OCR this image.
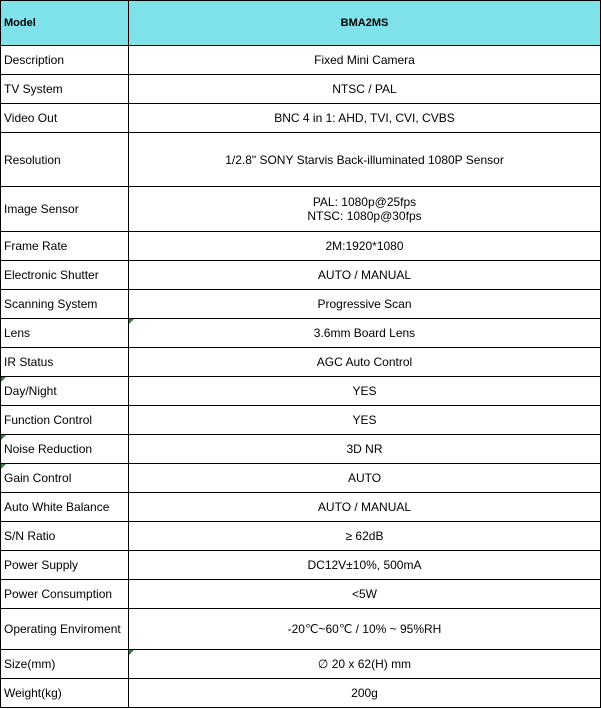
Model	BMA2MS
Description	Fixed Mini Camera

TV System	NTSC / PAL

Video Out	BNC 4 in 1: AHD, TVI, CVI, CVBS

Resolution	1/2.8" SONY Starvis Back-illuminated 1080P Sensor

Image Sensor	PAL: 1080p@25fps
NTSC: 1080p@30fps

Frame Rate	2M:1920*1080

Electronic Shutter	AUTO / MANUAL

Scanning System	Progressive Scan

Lens	3.6mm Board Lens

IR Status	AGC Auto Control

Day/Night	YES

Function Control	YES

Noise Reduction	3D NR

Gain Control	AUTO

Auto White Balance	AUTO / MANUAL

S/N Ratio	≥ 62dB

Power Supply	DC12V±10%, 500mA

Power Consumption	<5W

Operating Enviroment	-20℃~60℃ / 10% ~ 95%RH

Size(mm)	∅ 20 x 62(H) mm

Weight(kg)	200g
